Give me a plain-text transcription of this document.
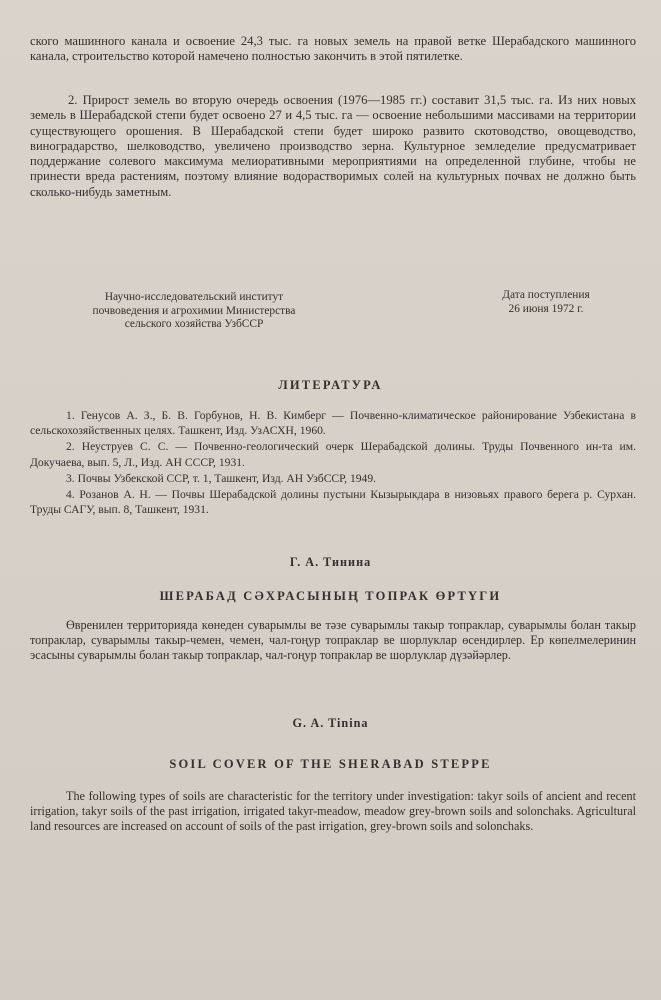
ского машинного канала и освоение 24,3 тыс. га новых земель на правой ветке Шерабадского машинного канала, строительство которой намечено полностью закончить в этой пятилетке.

2. Прирост земель во вторую очередь освоения (1976—1985 гг.) составит 31,5 тыс. га. Из них новых земель в Шерабадской степи будет освоено 27 и 4,5 тыс. га — освоение небольшими массивами на территории существующего орошения. В Шерабадской степи будет широко развито скотоводство, овощеводство, виноградарство, шелководство, увеличено производство зерна. Культурное земледелие предусматривает поддержание солевого максимума мелиоративными мероприятиями на определенной глубине, чтобы не принести вреда растениям, поэтому влияние водорастворимых солей на культурных почвах не должно быть сколько-нибудь заметным.

Научно-исследовательский институт
почвоведения и агрохимии Министерства
сельского хозяйства УзбССР

Дата поступления
26 июня 1972 г.

ЛИТЕРАТУРА

1. Генусов А. З., Б. В. Горбунов, Н. В. Кимберг — Почвенно-климатическое районирование Узбекистана в сельскохозяйственных целях. Ташкент, Изд. УзАСХН, 1960.

2. Неуструев С. С. — Почвенно-геологический очерк Шерабадской долины. Труды Почвенного ин-та им. Докучаева, вып. 5, Л., Изд. АН СССР, 1931.

3. Почвы Узбекской ССР, т. 1, Ташкент, Изд. АН УзбССР, 1949.

4. Розанов А. Н. — Почвы Шерабадской долины пустыни Кызырыкдара в низовьях правого берега р. Сурхан. Труды САГУ, вып. 8, Ташкент, 1931.

Г. А. Тинина

ШЕРАБАД СӘХРАСЫНЫҢ ТОПРАК ӨРТҮГИ

Өвренилен территорияда көнеден суварымлы ве тәзе суварымлы такыр топраклар, суварымлы болан такыр топраклар, суварымлы такыр-чемен, чемен, чал-гоңур топраклар ве шорлуклар өсендирлер. Ер көпелмелеринин эсасыны суварымлы болан такыр топраклар, чал-гоңур топраклар ве шорлуклар дүзәйәрлер.

G. A. Tinina

SOIL COVER OF THE SHERABAD STEPPE

The following types of soils are characteristic for the territory under investigation: takyr soils of ancient and recent irrigation, takyr soils of the past irrigation, irrigated takyr-meadow, meadow grey-brown soils and solonchaks. Agricultural land resources are increased on account of soils of the past irrigation, grey-brown soils and solonchaks.
